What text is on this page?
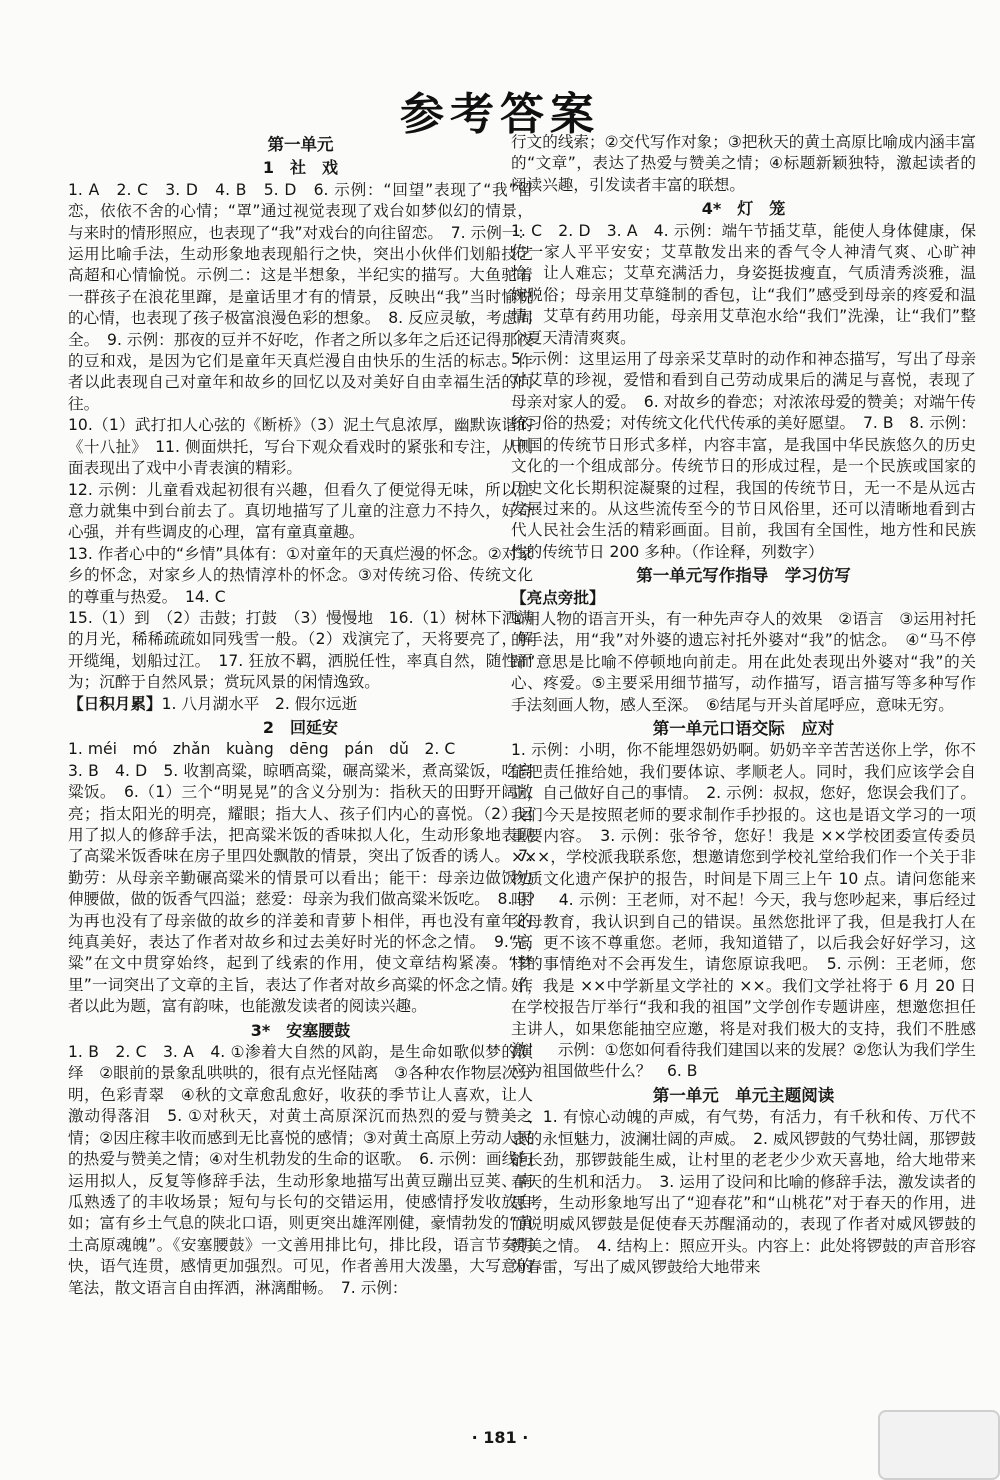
参考答案
第一单元
1　社　戏
1. A　2. C　3. D　4. B　5. D　6. 示例：“回望”表现了“我”留恋，依依不舍的心情；“罩”通过视觉表现了戏台如梦似幻的情景，与来时的情形照应，也表现了“我”对戏台的向往留恋。　7. 示例一：运用比喻手法，生动形象地表现船行之快，突出小伙伴们划船技艺高超和心情愉悦。示例二：这是半想象，半纪实的描写。大鱼驼着一群孩子在浪花里蹿，是童话里才有的情景，反映出“我”当时愉悦的心情，也表现了孩子极富浪漫色彩的想象。　8. 反应灵敏，考虑周全。　9. 示例：那夜的豆并不好吃，作者之所以多年之后还记得那夜的豆和戏，是因为它们是童年天真烂漫自由快乐的生活的标志。作者以此表现自己对童年和故乡的回忆以及对美好自由幸福生活的向往。
10.（1）武打扣人心弦的《断桥》（3）泥土气息浓厚，幽默诙谐的《十八扯》　11. 侧面烘托，写台下观众看戏时的紧张和专注，从侧面表现出了戏中小青表演的精彩。
12. 示例：儿童看戏起初很有兴趣，但看久了便觉得无味，所以注意力就集中到台前去了。真切地描写了儿童的注意力不持久，好奇心强，并有些调皮的心理，富有童真童趣。
13. 作者心中的“乡情”具体有：①对童年的天真烂漫的怀念。②对家乡的怀念，对家乡人的热情淳朴的怀念。③对传统习俗、传统文化的尊重与热爱。　14. C
15.（1）到　（2）击鼓；打鼓　（3）慢慢地　16.（1）树林下洒满的月光，稀稀疏疏如同残雪一般。（2）戏演完了，天将要亮了，解开缆绳，划船过江。　17. 狂放不羁，洒脱任性，率真自然，随性而为；沉醉于自然风景；赏玩风景的闲情逸致。
【日积月累】1. 八月湖水平　2. 假尔远逝
2　回延安
1. méi　mó　zhǎn　kuàng　dēng　pán　dǔ　2. C
3. B　4. D　5. 收割高粱，晾晒高粱，碾高粱米，煮高粱饭，吃高粱饭。　6.（1）三个“明晃晃”的含义分别为：指秋天的田野开阔敞亮；指太阳光的明亮，耀眼；指大人、孩子们内心的喜悦。（2）运用了拟人的修辞手法，把高粱米饭的香味拟人化，生动形象地表现了高粱米饭香味在房子里四处飘散的情景，突出了饭香的诱人。　7. 勤劳：从母亲辛勤碾高粱米的情景可以看出；能干：母亲边做饭边伸腰做，做的饭香气四溢；慈爱：母亲为我们做高粱米饭吃。　8. 因为再也没有了母亲做的故乡的洋姜和青萝卜相伴，再也没有童年的纯真美好，表达了作者对故乡和过去美好时光的怀念之情。　9.“高粱”在文中贯穿始终，起到了线索的作用，使文章结构紧凑。“梦里”一词突出了文章的主旨，表达了作者对故乡高粱的怀念之情。作者以此为题，富有韵味，也能激发读者的阅读兴趣。
3*　安塞腰鼓
1. B　2. C　3. A　4. ①渗着大自然的风韵，是生命如歌似梦的演绎　②眼前的景象乱哄哄的，很有点光怪陆离　③各种农作物层次分明，色彩青翠　④秋的文章愈乱愈好，收获的季节让人喜欢，让人激动得落泪　5. ①对秋天，对黄土高原深沉而热烈的爱与赞美之情；②因庄稼丰收而感到无比喜悦的感情；③对黄土高原上劳动人民的热爱与赞美之情；④对生机勃发的生命的讴歌。　6. 示例：画线句运用拟人，反复等修辞手法，生动形象地描写出黄豆蹦出豆荚、南瓜熟透了的丰收场景；短句与长句的交错运用，使感情抒发收放自如；富有乡土气息的陕北口语，则更突出雄浑刚健，豪情勃发的“黄土高原魂魄”。《安塞腰鼓》一文善用排比句，排比段，语言节奏明快，语气连贯，感情更加强烈。可见，作者善用大泼墨，大写意的笔法，散文语言自由挥洒，淋漓酣畅。　7. 示例：
行文的线索；②交代写作对象；③把秋天的黄土高原比喻成内涵丰富的“文章”，表达了热爱与赞美之情；④标题新颖独特，激起读者的阅读兴趣，引发读者丰富的联想。
4*　灯　笼
1. C　2. D　3. A　4. 示例：端午节插艾草，能使人身体健康，保佑一家人平平安安；艾草散发出来的香气令人神清气爽、心旷神怡，让人难忘；艾草充满活力，身姿挺拔瘦直，气质清秀淡雅，温婉脱俗；母亲用艾草缝制的香包，让“我们”感受到母亲的疼爱和温情；艾草有药用功能，母亲用艾草泡水给“我们”洗澡，让“我们”整个夏天清清爽爽。
5. 示例：这里运用了母亲采艾草时的动作和神态描写，写出了母亲对艾草的珍视，爱惜和看到自己劳动成果后的满足与喜悦，表现了母亲对家人的爱。　6. 对故乡的眷恋；对浓浓母爱的赞美；对端午传统习俗的热爱；对传统文化代代传承的美好愿望。　7. B　8. 示例：中国的传统节日形式多样，内容丰富，是我国中华民族悠久的历史文化的一个组成部分。传统节日的形成过程，是一个民族或国家的历史文化长期积淀凝聚的过程，我国的传统节日，无一不是从远古发展过来的。从这些流传至今的节日风俗里，还可以清晰地看到古代人民社会生活的精彩画面。目前，我国有全国性，地方性和民族性的传统节日 200 多种。（作诠释，列数字）
第一单元写作指导　学习仿写
【亮点旁批】
①用人物的语言开头，有一种先声夺人的效果　②语言　③运用衬托的手法，用“我”对外婆的遗忘衬托外婆对“我”的惦念。　④“马不停蹄”意思是比喻不停顿地向前走。用在此处表现出外婆对“我”的关心、疼爱。⑤主要采用细节描写，动作描写，语言描写等多种写作手法刻画人物，感人至深。　⑥结尾与开头首尾呼应，意味无穷。
第一单元口语交际　应对
1. 示例：小明，你不能埋怨奶奶啊。奶奶辛辛苦苦送你上学，你不能把责任推给她，我们要体谅、孝顺老人。同时，我们应该学会自立，自己做好自己的事情。　2. 示例：叔叔，您好，您误会我们了。我们今天是按照老师的要求制作手抄报的。这也是语文学习的一项重要内容。　3. 示例：张爷爷，您好！我是 ××学校团委宣传委员 ×××，学校派我联系您，想邀请您到学校礼堂给我们作一个关于非物质文化遗产保护的报告，时间是下周三上午 10 点。请问您能来吗？　4. 示例：王老师，对不起！今天，我与您吵起来，事后经过父母教育，我认识到自己的错误。虽然您批评了我，但是我打人在先，更不该不尊重您。老师，我知道错了，以后我会好好学习，这样的事情绝对不会再发生，请您原谅我吧。　5. 示例：王老师，您好，我是 ××中学新星文学社的 ××。我们文学社将于 6 月 20 日在学校报告厅举行“我和我的祖国”文学创作专题讲座，想邀您担任主讲人，如果您能抽空应邀，将是对我们极大的支持，我们不胜感激！　示例：①您如何看待我们建国以来的发展？②您认为我们学生应为祖国做些什么？　6. B
第一单元　单元主题阅读
一、1. 有惊心动魄的声威，有气势，有活力，有千秋和传、万代不衰的永恒魅力，波澜壮阔的声威。　2. 威风锣鼓的气势壮阔，那锣鼓能长劲，那锣鼓能生威，让村里的老老少少欢天喜地，给大地带来春天的生机和活力。　3. 运用了设问和比喻的修辞手法，激发读者的思考，生动形象地写出了“迎春花”和“山桃花”对于春天的作用，进而说明威风锣鼓是促使春天苏醒涌动的，表现了作者对威风锣鼓的赞美之情。　4. 结构上：照应开头。内容上：此处将锣鼓的声音形容为春雷，写出了威风锣鼓给大地带来
· 181 ·
